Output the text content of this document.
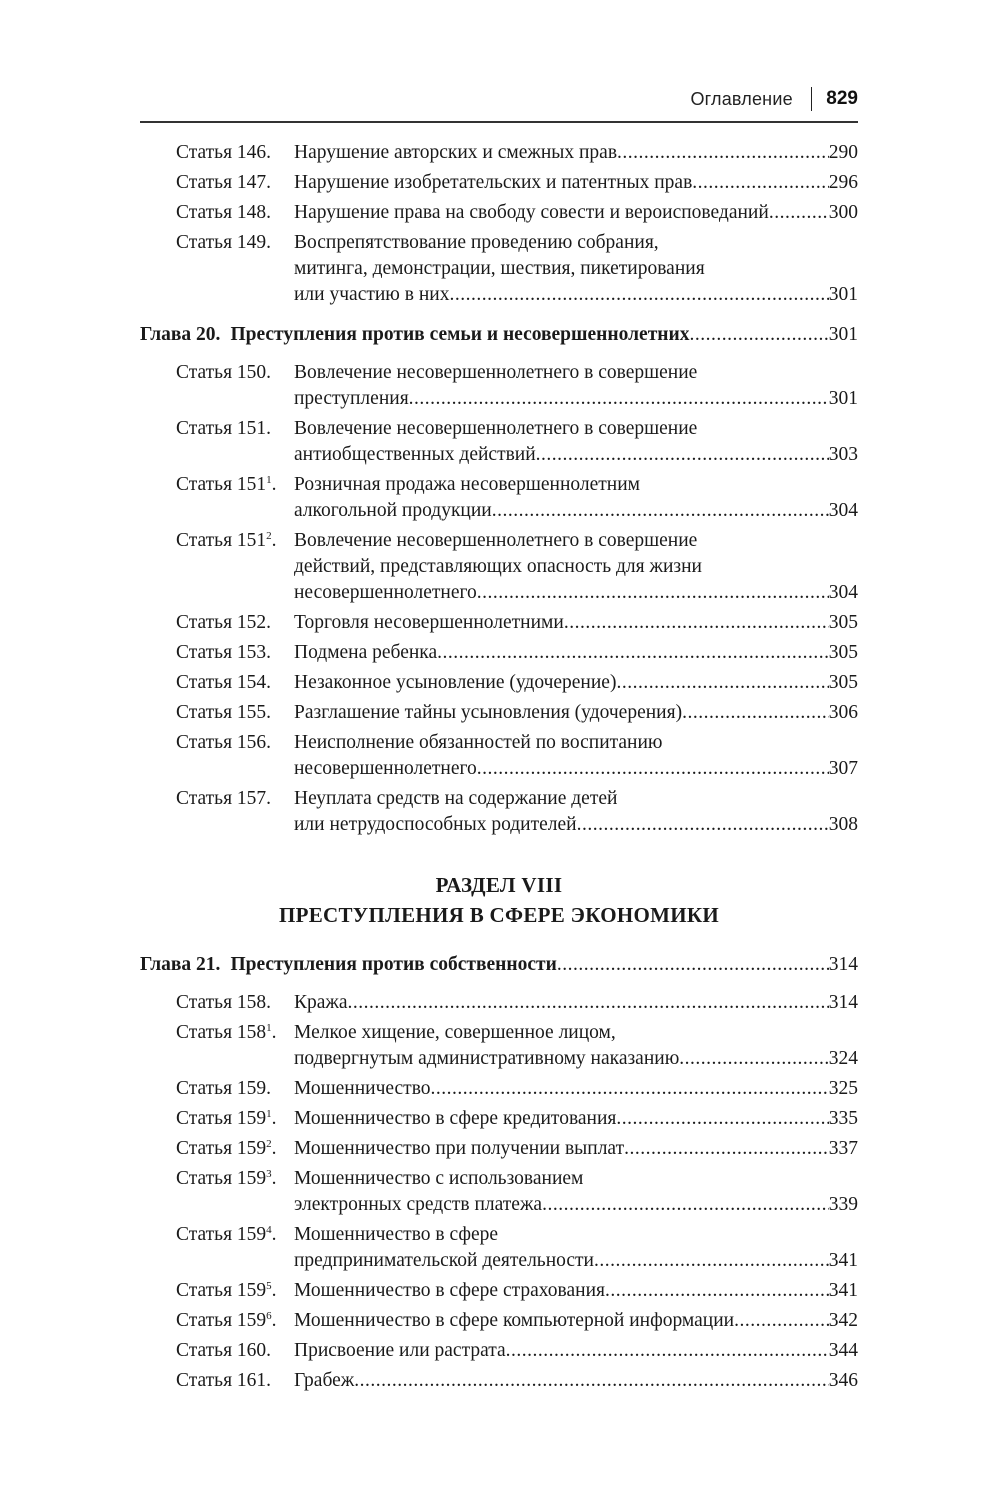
Оглавление 829
Статья 146.	Нарушение авторских и смежных прав .....	290
Статья 147.	Нарушение изобретательских и патентных прав .....	296
Статья 148.	Нарушение права на свободу совести и вероисповеданий .....	300
Статья 149.	Воспрепятствование проведению собрания,
митинга, демонстрации, шествия, пикетирования
или участию в них .....	301
Глава 20. Преступления против семьи и несовершеннолетних .....	301
Статья 150.	Вовлечение несовершеннолетнего в совершение
преступления .....	301
Статья 151.	Вовлечение несовершеннолетнего в совершение
антиобщественных действий .....	303
Статья $151^1$. Розничная продажа несовершеннолетним
алкогольной продукции .....	304
Статья $151^2$. Вовлечение несовершеннолетнего в совершение
действий, представляющих опасность для жизни
несовершеннолетнего .....	304
Статья 152.	Торговля несовершеннолетними .....	305
Статья 153.	Подмена ребенка .....	305
Статья 154.	Незаконное усыновление (удочерение) .....	305
Статья 155.	Разглашение тайны усыновления (удочерения) .....	306
Статья 156.	Неисполнение обязанностей по воспитанию
несовершеннолетнего .....	307
Статья 157.	Неуплата средств на содержание детей
или нетрудоспособных родителей .....	308
РАЗДЕЛ VIII
ПРЕСТУПЛЕНИЯ В СФЕРЕ ЭКОНОМИКИ
Глава 21. Преступления против собственности .....	314
Статья 158.	Кража .....	314
Статья $158^1$. Мелкое хищение, совершенное лицом,
подвергнутым административному наказанию .....	324
Статья 159.	Мошенничество .....	325
Статья $159^1$. Мошенничество в сфере кредитования .....	335
Статья $159^2$. Мошенничество при получении выплат .....	337
Статья $159^3$. Мошенничество с использованием
электронных средств платежа .....	339
Статья $159^4$. Мошенничество в сфере
предпринимательской деятельности .....	341
Статья $159^5$. Мошенничество в сфере страхования .....	341
Статья $159^6$. Мошенничество в сфере компьютерной информации .....	342
Статья 160.	Присвоение или растрата .....	344
Статья 161.	Грабеж .....	346
